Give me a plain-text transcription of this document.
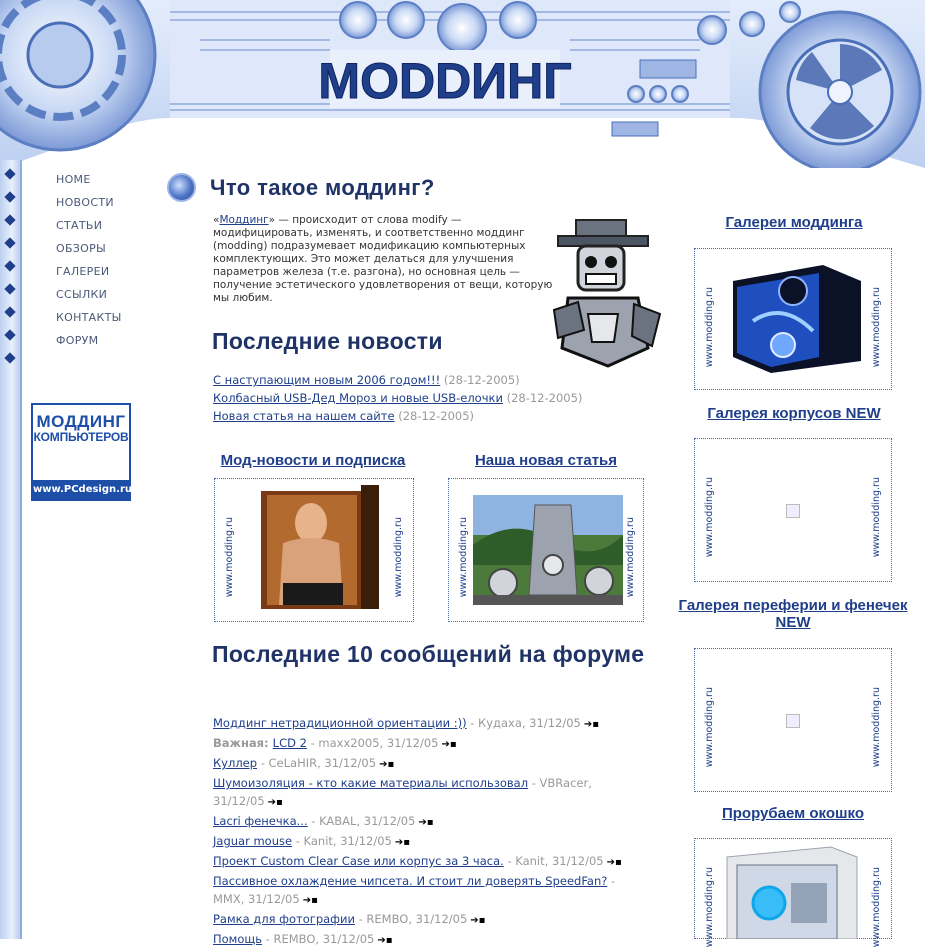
MODDИНГ
HOME
НОВОСТИ
СТАТЬИ
ОБЗОРЫ
ГАЛЕРЕИ
ССЫЛКИ
КОНТАКТЫ
ФОРУМ
МОДДИНГ
КОМПЬЮТЕРОВ
www.PCdesign.ru
Что такое моддинг?
«Моддинг» — происходит от слова modify — модифицировать, изменять, и соответственно моддинг (modding) подразумевает модификацию компьютерных комплектующих. Это может делаться для улучшения параметров железа (т.е. разгона), но основная цель — получение эстетического удовлетворения от вещи, которую мы любим.
Последние новости
С наступающим новым 2006 годом!!! (28-12-2005)
Колбасный USB-Дед Мороз и новые USB-елочки (28-12-2005)
Новая статья на нашем сайте (28-12-2005)
Мод-новости и подписка
www.modding.ru	www.modding.ru
Наша новая статья
www.modding.ru	www.modding.ru
Последние 10 сообщений на форуме
Моддинг нетрадиционной ориентации :)) - Кудаха, 31/12/05 ➔▪
Важная: LCD 2 - maxx2005, 31/12/05 ➔▪
Куллер - CeLaHIR, 31/12/05 ➔▪
Шумоизоляция - кто какие материалы использовал - VBRacer, 31/12/05 ➔▪
Lacri фенечка... - KABAL, 31/12/05 ➔▪
Jaguar mouse - Kanit, 31/12/05 ➔▪
Проект Custom Clear Case или корпус за 3 часа. - Kanit, 31/12/05 ➔▪
Пассивное охлаждение чипсета. И стоит ли доверять SpeedFan? - MMX, 31/12/05 ➔▪
Рамка для фотографии - REMBO, 31/12/05 ➔▪
Помощь - REMBO, 31/12/05 ➔▪
Галереи моддинга
www.modding.ru	www.modding.ru
Галерея корпусов NEW
www.modding.ru	www.modding.ru
Галерея переферии и фенечек NEW
www.modding.ru	www.modding.ru
Прорубаем окошко
www.modding.ru	www.modding.ru
